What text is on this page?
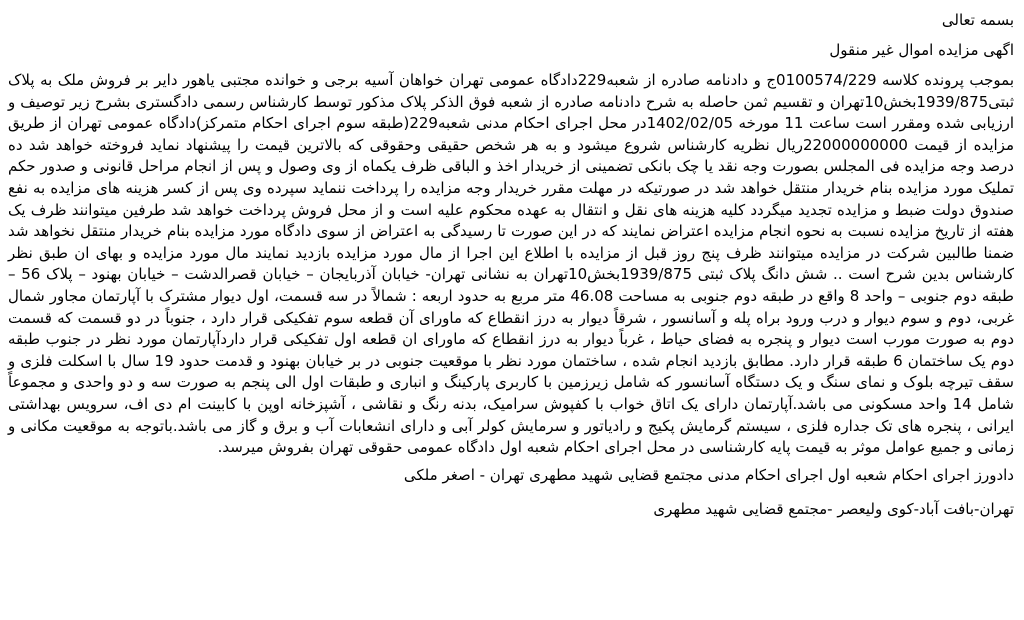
بسمه تعالی

اگهی مزایده اموال غیر منقول

بموجب پرونده کلاسه 0100574/229ج و دادنامه صادره از شعبه229دادگاه عمومی تهران خواهان آسیه برجی و خوانده مجتبی یاهور دایر بر فروش ملک به پلاک ثبتی1939/875بخش10تهران و تقسیم ثمن حاصله به شرح دادنامه صادره از شعبه فوق الذکر پلاک مذکور توسط کارشناس رسمی دادگستری بشرح زیر توصیف و ارزیابی شده ومقرر است ساعت 11 مورخه 1402/02/05در محل اجرای احکام مدنی شعبه229(طبقه سوم اجرای احکام متمرکز)دادگاه عمومی تهران از طریق مزایده از قیمت 22000000000ریال نظریه کارشناس شروع میشود و به هر شخص حقیقی وحقوقی که بالاترین قیمت را پیشنهاد نماید فروخته خواهد شد ده درصد وجه مزایده فی المجلس بصورت وجه نقد یا چک بانکی تضمینی از خریدار اخذ و الباقی ظرف یکماه از وی وصول و پس از انجام مراحل قانونی و صدور حکم تملیک مورد مزایده بنام خریدار منتقل خواهد شد در صورتیکه در مهلت مقرر خریدار وجه مزایده را پرداخت ننماید سپرده وی پس از کسر هزینه های مزایده به نفع صندوق دولت ضبط و مزایده تجدید میگردد کلیه هزینه های نقل و انتقال به عهده محکوم علیه است و از محل فروش پرداخت خواهد شد طرفین میتوانند ظرف یک هفته از تاریخ مزایده نسبت به نحوه انجام مزایده اعتراض نمایند که در این صورت تا رسیدگی به اعتراض از سوی دادگاه مورد مزایده بنام خریدار منتقل نخواهد شد ضمنا طالبین شرکت در مزایده میتوانند ظرف پنج روز قبل از مزایده با اطلاع این اجرا از مال مورد مزایده بازدید نمایند مال مورد مزایده و بهای ان طبق نظر کارشناس بدین شرح است .. شش دانگ پلاک ثبتی 1939/875بخش10تهران به نشانی تهران- خیابان آذربایجان – خیابان قصرالدشت – خیابان بهنود – پلاک 56 – طبقه دوم جنوبی – واحد 8 واقع در طبقه دوم جنوبی به مساحت 46.08 متر مربع به حدود اربعه : شمالاً در سه قسمت، اول دیوار مشترک با آپارتمان مجاور شمال غربی، دوم و سوم دیوار و درب ورود براه پله و آسانسور ، شرقاً دیوار به درز انقطاع که ماورای آن قطعه سوم تفکیکی قرار دارد ، جنوباً در دو قسمت که قسمت دوم به صورت مورب است دیوار و پنجره به فضای حیاط ، غرباً دیوار به درز انقطاع که ماورای ان قطعه اول تفکیکی قرار داردآپارتمان مورد نظر در جنوب طبقه دوم یک ساختمان 6 طبقه قرار دارد. مطابق بازدید انجام شده ، ساختمان مورد نظر با موقعیت جنوبی در بر خیابان بهنود و قدمت حدود 19 سال با اسکلت فلزی و سقف تیرچه بلوک و نمای سنگ و یک دستگاه آسانسور که شامل زیرزمین با کاربری پارکینگ و انباری و طبقات اول الی پنجم به صورت سه و دو واحدی و مجموعاً شامل 14 واحد مسکونی می باشد.آپارتمان دارای یک اتاق خواب با کفپوش سرامیک، بدنه رنگ و نقاشی ، آشپزخانه اوپن با کابینت ام دی اف، سرویس بهداشتی ایرانی ، پنجره های تک جداره فلزی ، سیستم گرمایش پکیج و رادیاتور و سرمایش کولر آبی و دارای انشعابات آب و برق و گاز می باشد.باتوجه به موقعیت مکانی و زمانی و جمیع عوامل موثر به قیمت پایه کارشناسی در محل اجرای احکام شعبه اول دادگاه عمومی حقوقی تهران بفروش میرسد.

دادورز اجرای احکام شعبه اول اجرای احکام مدنی مجتمع قضایی شهید مطهری تهران - اصغر ملکی

تهران-بافت آباد-کوی ولیعصر -مجتمع قضایی شهید مطهری
